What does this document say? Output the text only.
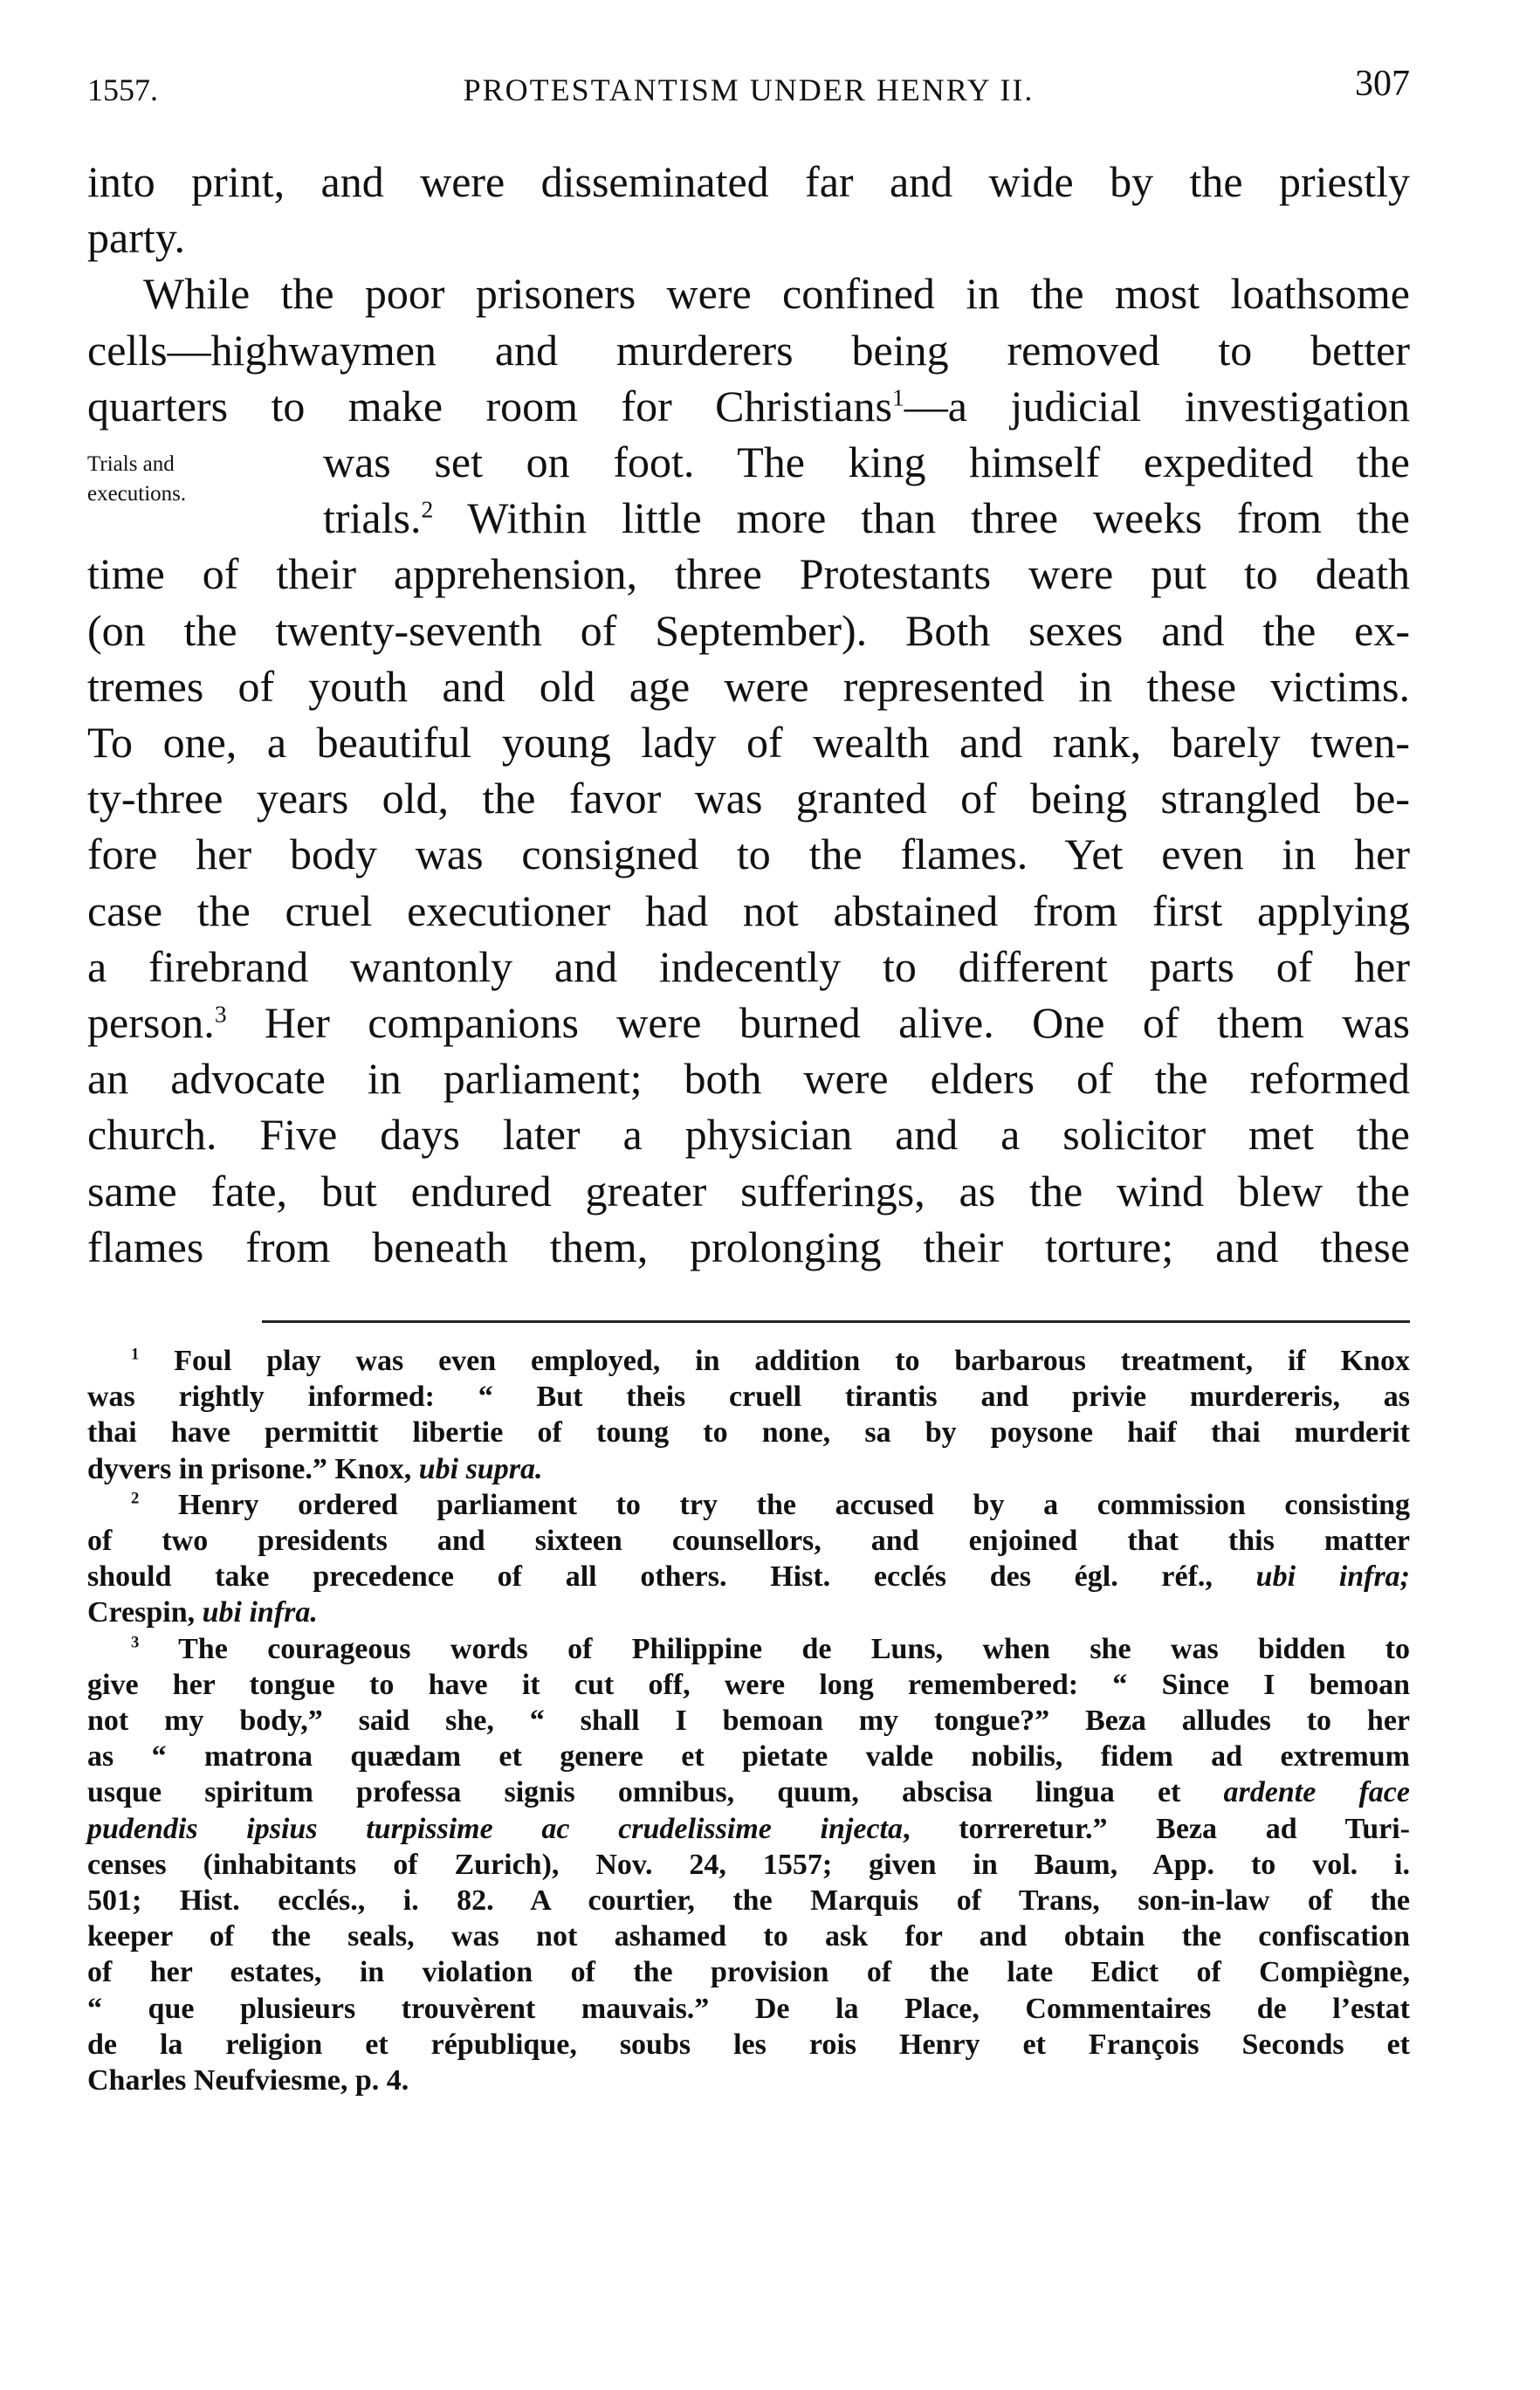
1557.	PROTESTANTISM UNDER HENRY II.	307
Trials and
executions.
into print, and were disseminated far and wide by the priestly
party.
While the poor prisoners were confined in the most loathsome
cells—highwaymen and murderers being removed to better
quarters to make room for Christians$^1$—a judicial investigation
was set on foot. The king himself expedited the
trials.$^2$ Within little more than three weeks from the
time of their apprehension, three Protestants were put to death
(on the twenty-seventh of September). Both sexes and the ex-
tremes of youth and old age were represented in these victims.
To one, a beautiful young lady of wealth and rank, barely twen-
ty-three years old, the favor was granted of being strangled be-
fore her body was consigned to the flames. Yet even in her
case the cruel executioner had not abstained from first applying
a firebrand wantonly and indecently to different parts of her
person.$^3$ Her companions were burned alive. One of them was
an advocate in parliament; both were elders of the reformed
church. Five days later a physician and a solicitor met the
same fate, but endured greater sufferings, as the wind blew the
flames from beneath them, prolonging their torture; and these
$^1$ Foul play was even employed, in addition to barbarous treatment, if Knox
was rightly informed: “ But theis cruell tirantis and privie murdereris, as
thai have permittit libertie of toung to none, sa by poysone haif thai murderit
dyvers in prisone.” Knox, ubi supra.
$^2$ Henry ordered parliament to try the accused by a commission consisting
of two presidents and sixteen counsellors, and enjoined that this matter
should take precedence of all others. Hist. ecclés des égl. réf., ubi infra;
Crespin, ubi infra.
$^3$ The courageous words of Philippine de Luns, when she was bidden to
give her tongue to have it cut off, were long remembered: “ Since I bemoan
not my body,” said she, “ shall I bemoan my tongue?” Beza alludes to her
as “ matrona quædam et genere et pietate valde nobilis, fidem ad extremum
usque spiritum professa signis omnibus, quum, abscisa lingua et ardente face
pudendis ipsius turpissime ac crudelissime injecta, torreretur.” Beza ad Turi-
censes (inhabitants of Zurich), Nov. 24, 1557; given in Baum, App. to vol. i.
501; Hist. ecclés., i. 82. A courtier, the Marquis of Trans, son-in-law of the
keeper of the seals, was not ashamed to ask for and obtain the confiscation
of her estates, in violation of the provision of the late Edict of Compiègne,
“ que plusieurs trouvèrent mauvais.” De la Place, Commentaires de l’estat
de la religion et république, soubs les rois Henry et François Seconds et
Charles Neufviesme, p. 4.
